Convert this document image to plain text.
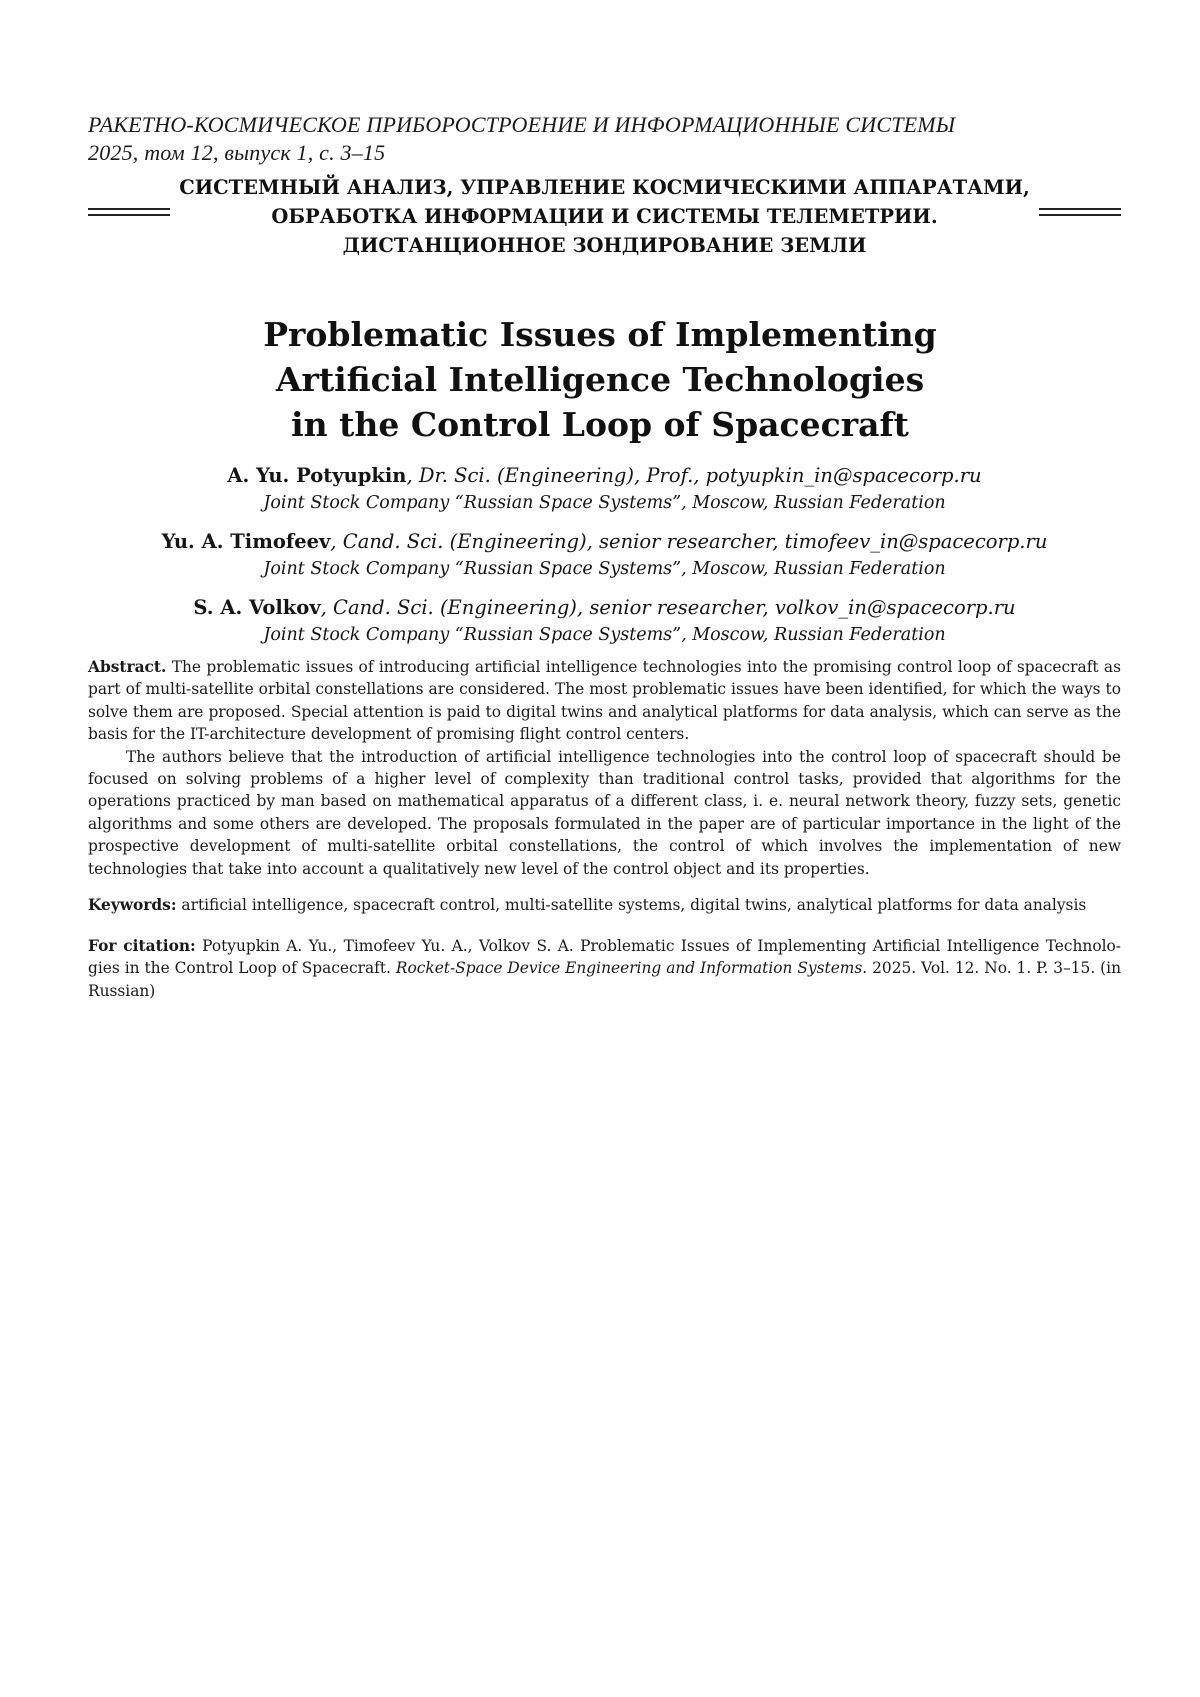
РАКЕТНО-КОСМИЧЕСКОЕ ПРИБОРОСТРОЕНИЕ И ИНФОРМАЦИОННЫЕ СИСТЕМЫ
2025, том 12, выпуск 1, с. 3–15
СИСТЕМНЫЙ АНАЛИЗ, УПРАВЛЕНИЕ КОСМИЧЕСКИМИ АППАРАТАМИ,
ОБРАБОТКА ИНФОРМАЦИИ И СИСТЕМЫ ТЕЛЕМЕТРИИ.
ДИСТАНЦИОННОЕ ЗОНДИРОВАНИЕ ЗЕМЛИ
Problematic Issues of Implementing
Artificial Intelligence Technologies
in the Control Loop of Spacecraft
A. Yu. Potyupkin, Dr. Sci. (Engineering), Prof., potyupkin_in@spacecorp.ru
Joint Stock Company “Russian Space Systems”, Moscow, Russian Federation
Yu. A. Timofeev, Cand. Sci. (Engineering), senior researcher, timofeev_in@spacecorp.ru
Joint Stock Company “Russian Space Systems”, Moscow, Russian Federation
S. A. Volkov, Cand. Sci. (Engineering), senior researcher, volkov_in@spacecorp.ru
Joint Stock Company “Russian Space Systems”, Moscow, Russian Federation

Abstract. The problematic issues of introducing artificial intelligence technologies into the promising control loop of spacecraft as part of multi-satellite orbital constellations are considered. The most problematic issues have been identified, for which the ways to solve them are proposed. Special attention is paid to digital twins and analytical platforms for data analysis, which can serve as the basis for the IT-architecture development of promising flight control centers.

The authors believe that the introduction of artificial intelligence technologies into the control loop of spacecraft should be focused on solving problems of a higher level of complexity than traditional control tasks, provided that algorithms for the operations practiced by man based on mathematical apparatus of a different class, i. e. neural network theory, fuzzy sets, genetic algorithms and some others are developed. The proposals formulated in the paper are of particular importance in the light of the prospective development of multi-satellite orbital constellations, the control of which involves the implementation of new technologies that take into account a qualitatively new level of the control object and its properties.

Keywords: artificial intelligence, spacecraft control, multi-satellite systems, digital twins, analytical platforms for data analysis
For citation: Potyupkin A. Yu., Timofeev Yu. A., Volkov S. A. Problematic Issues of Implementing Artificial Intelligence Technologies in the Control Loop of Spacecraft. Rocket-Space Device Engineering and Information Systems. 2025. Vol. 12. No. 1. P. 3–15. (in Russian)
